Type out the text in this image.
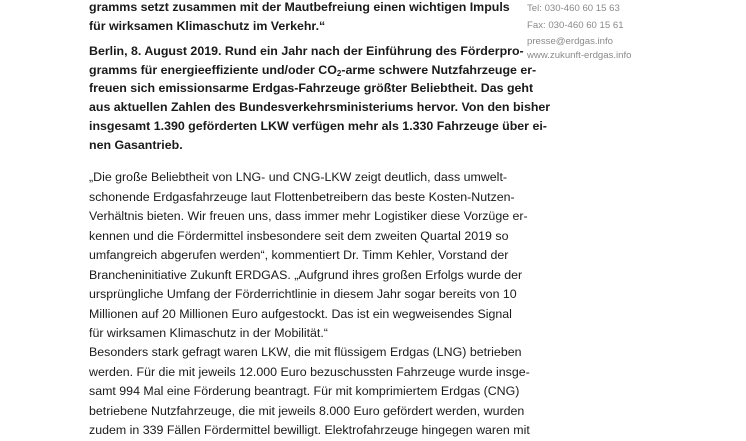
gramms setzt zusammen mit der Mautbefreiung einen wichtigen Impuls
für wirksamen Klimaschutz im Verkehr.“
Berlin, 8. August 2019. Rund ein Jahr nach der Einführung des Förderpro-
gramms für energieeffiziente und/oder $CO_2$-arme schwere Nutzfahrzeuge er-
freuen sich emissionsarme Erdgas-Fahrzeuge größter Beliebtheit. Das geht
aus aktuellen Zahlen des Bundesverkehrsministeriums hervor. Von den bisher
insgesamt 1.390 geförderten LKW verfügen mehr als 1.330 Fahrzeuge über ei-
nen Gasantrieb.
„Die große Beliebtheit von LNG- und CNG-LKW zeigt deutlich, dass umwelt-
schonende Erdgasfahrzeuge laut Flottenbetreibern das beste Kosten-Nutzen-
Verhältnis bieten. Wir freuen uns, dass immer mehr Logistiker diese Vorzüge er-
kennen und die Fördermittel insbesondere seit dem zweiten Quartal 2019 so
umfangreich abgerufen werden“, kommentiert Dr. Timm Kehler, Vorstand der
Brancheninitiative Zukunft ERDGAS. „Aufgrund ihres großen Erfolgs wurde der
ursprüngliche Umfang der Förderrichtlinie in diesem Jahr sogar bereits von 10
Millionen auf 20 Millionen Euro aufgestockt. Das ist ein wegweisendes Signal
für wirksamen Klimaschutz in der Mobilität.“
Besonders stark gefragt waren LKW, die mit flüssigem Erdgas (LNG) betrieben
werden. Für die mit jeweils 12.000 Euro bezuschussten Fahrzeuge wurde insge-
samt 994 Mal eine Förderung beantragt. Für mit komprimiertem Erdgas (CNG)
betriebene Nutzfahrzeuge, die mit jeweils 8.000 Euro gefördert werden, wurden
zudem in 339 Fällen Fördermittel bewilligt. Elektrofahrzeuge hingegen waren mit
Tel: 030-460 60 15 63
Fax: 030-460 60 15 61
presse@erdgas.info
www.zukunft-erdgas.info
